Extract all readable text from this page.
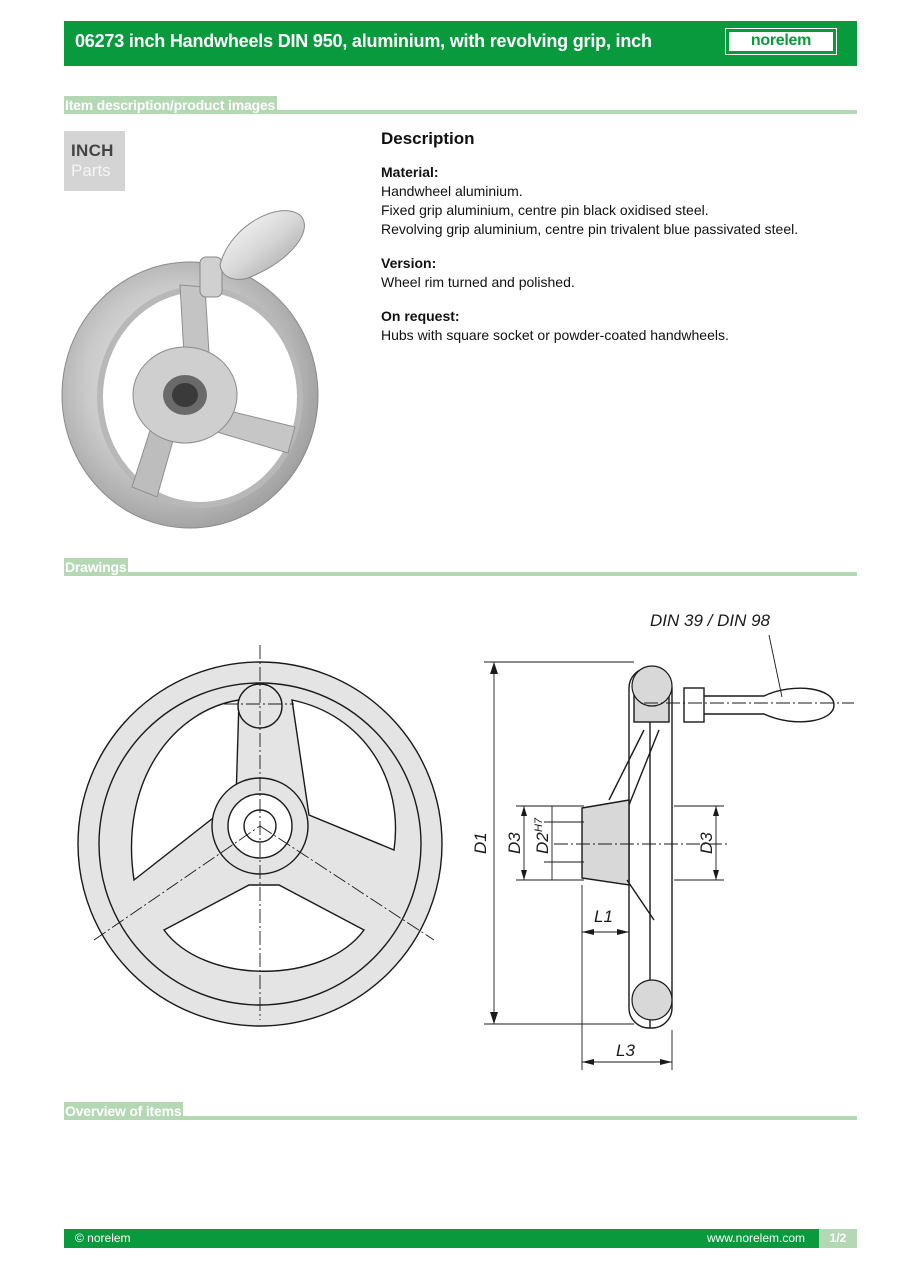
06273 inch Handwheels DIN 950, aluminium, with revolving grip, inch	norelem
Item description/product images
INCH
Parts
Description
Material:
Handwheel aluminium.
Fixed grip aluminium, centre pin black oxidised steel.
Revolving grip aluminium, centre pin trivalent blue passivated steel.
Version:
Wheel rim turned and polished.
On request:
Hubs with square socket or powder-coated handwheels.
Drawings
DIN 39 / DIN 98
D1 D3 D2
H7
D3
L1
L3
Overview of items
© norelem	www.norelem.com	1/2
